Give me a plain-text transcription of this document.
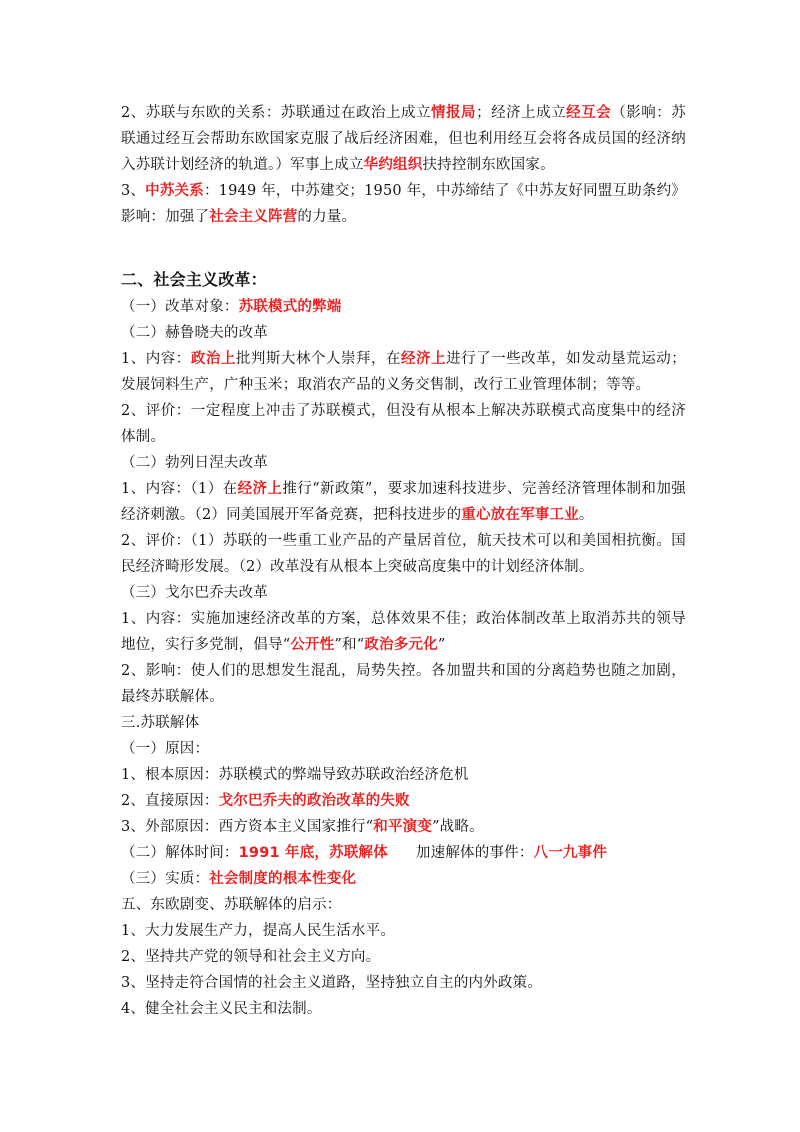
2、苏联与东欧的关系：苏联通过在政治上成立情报局；经济上成立经互会（影响：苏联通过经互会帮助东欧国家克服了战后经济困难，但也利用经互会将各成员国的经济纳入苏联计划经济的轨道。）军事上成立华约组织扶持控制东欧国家。

3、中苏关系：1949 年，中苏建交；1950 年，中苏缔结了《中苏友好同盟互助条约》影响：加强了社会主义阵营的力量。

二、社会主义改革：

（一）改革对象：苏联模式的弊端

（二）赫鲁晓夫的改革

1、内容：政治上批判斯大林个人崇拜，在经济上进行了一些改革，如发动垦荒运动；发展饲料生产，广种玉米；取消农产品的义务交售制，改行工业管理体制；等等。

2、评价：一定程度上冲击了苏联模式，但没有从根本上解决苏联模式高度集中的经济体制。

（二）勃列日涅夫改革

1、内容：（1）在经济上推行“新政策”，要求加速科技进步、完善经济管理体制和加强经济刺激。（2）同美国展开军备竞赛，把科技进步的重心放在军事工业。

2、评价：（1）苏联的一些重工业产品的产量居首位，航天技术可以和美国相抗衡。国民经济畸形发展。（2）改革没有从根本上突破高度集中的计划经济体制。

（三）戈尔巴乔夫改革

1、内容：实施加速经济改革的方案，总体效果不佳；政治体制改革上取消苏共的领导地位，实行多党制，倡导“公开性”和“政治多元化”

2、影响：使人们的思想发生混乱，局势失控。各加盟共和国的分离趋势也随之加剧，最终苏联解体。

三.苏联解体

（一）原因：

1、根本原因：苏联模式的弊端导致苏联政治经济危机

2、直接原因：戈尔巴乔夫的政治改革的失败

3、外部原因：西方资本主义国家推行“和平演变”战略。

（二）解体时间：1991 年底，苏联解体 加速解体的事件：八一九事件

（三）实质：社会制度的根本性变化

五、东欧剧变、苏联解体的启示：

1、大力发展生产力，提高人民生活水平。

2、坚持共产党的领导和社会主义方向。

3、坚持走符合国情的社会主义道路，坚持独立自主的内外政策。

4、健全社会主义民主和法制。
